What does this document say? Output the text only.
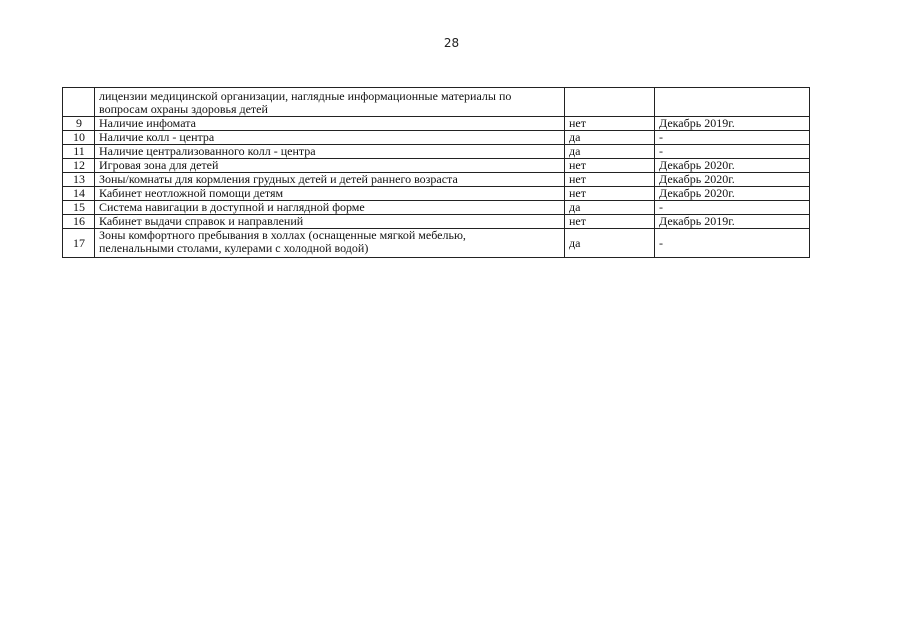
28

	лицензии медицинской организации, наглядные информационные материалы по
вопросам охраны здоровья детей		

9	Наличие инфомата	нет	Декабрь 2019г.
10	Наличие колл - центра	да	-
11	Наличие централизованного колл - центра	да	-
12	Игровая зона для детей	нет	Декабрь 2020г.
13	Зоны/комнаты для кормления грудных детей и детей раннего возраста	нет	Декабрь 2020г.
14	Кабинет неотложной помощи детям	нет	Декабрь 2020г.
15	Система навигации в доступной и наглядной форме	да	-
16	Кабинет выдачи справок и направлений	нет	Декабрь 2019г.
17	Зоны комфортного пребывания в холлах (оснащенные мягкой мебелью,
пеленальными столами, кулерами с холодной водой)	да	-
